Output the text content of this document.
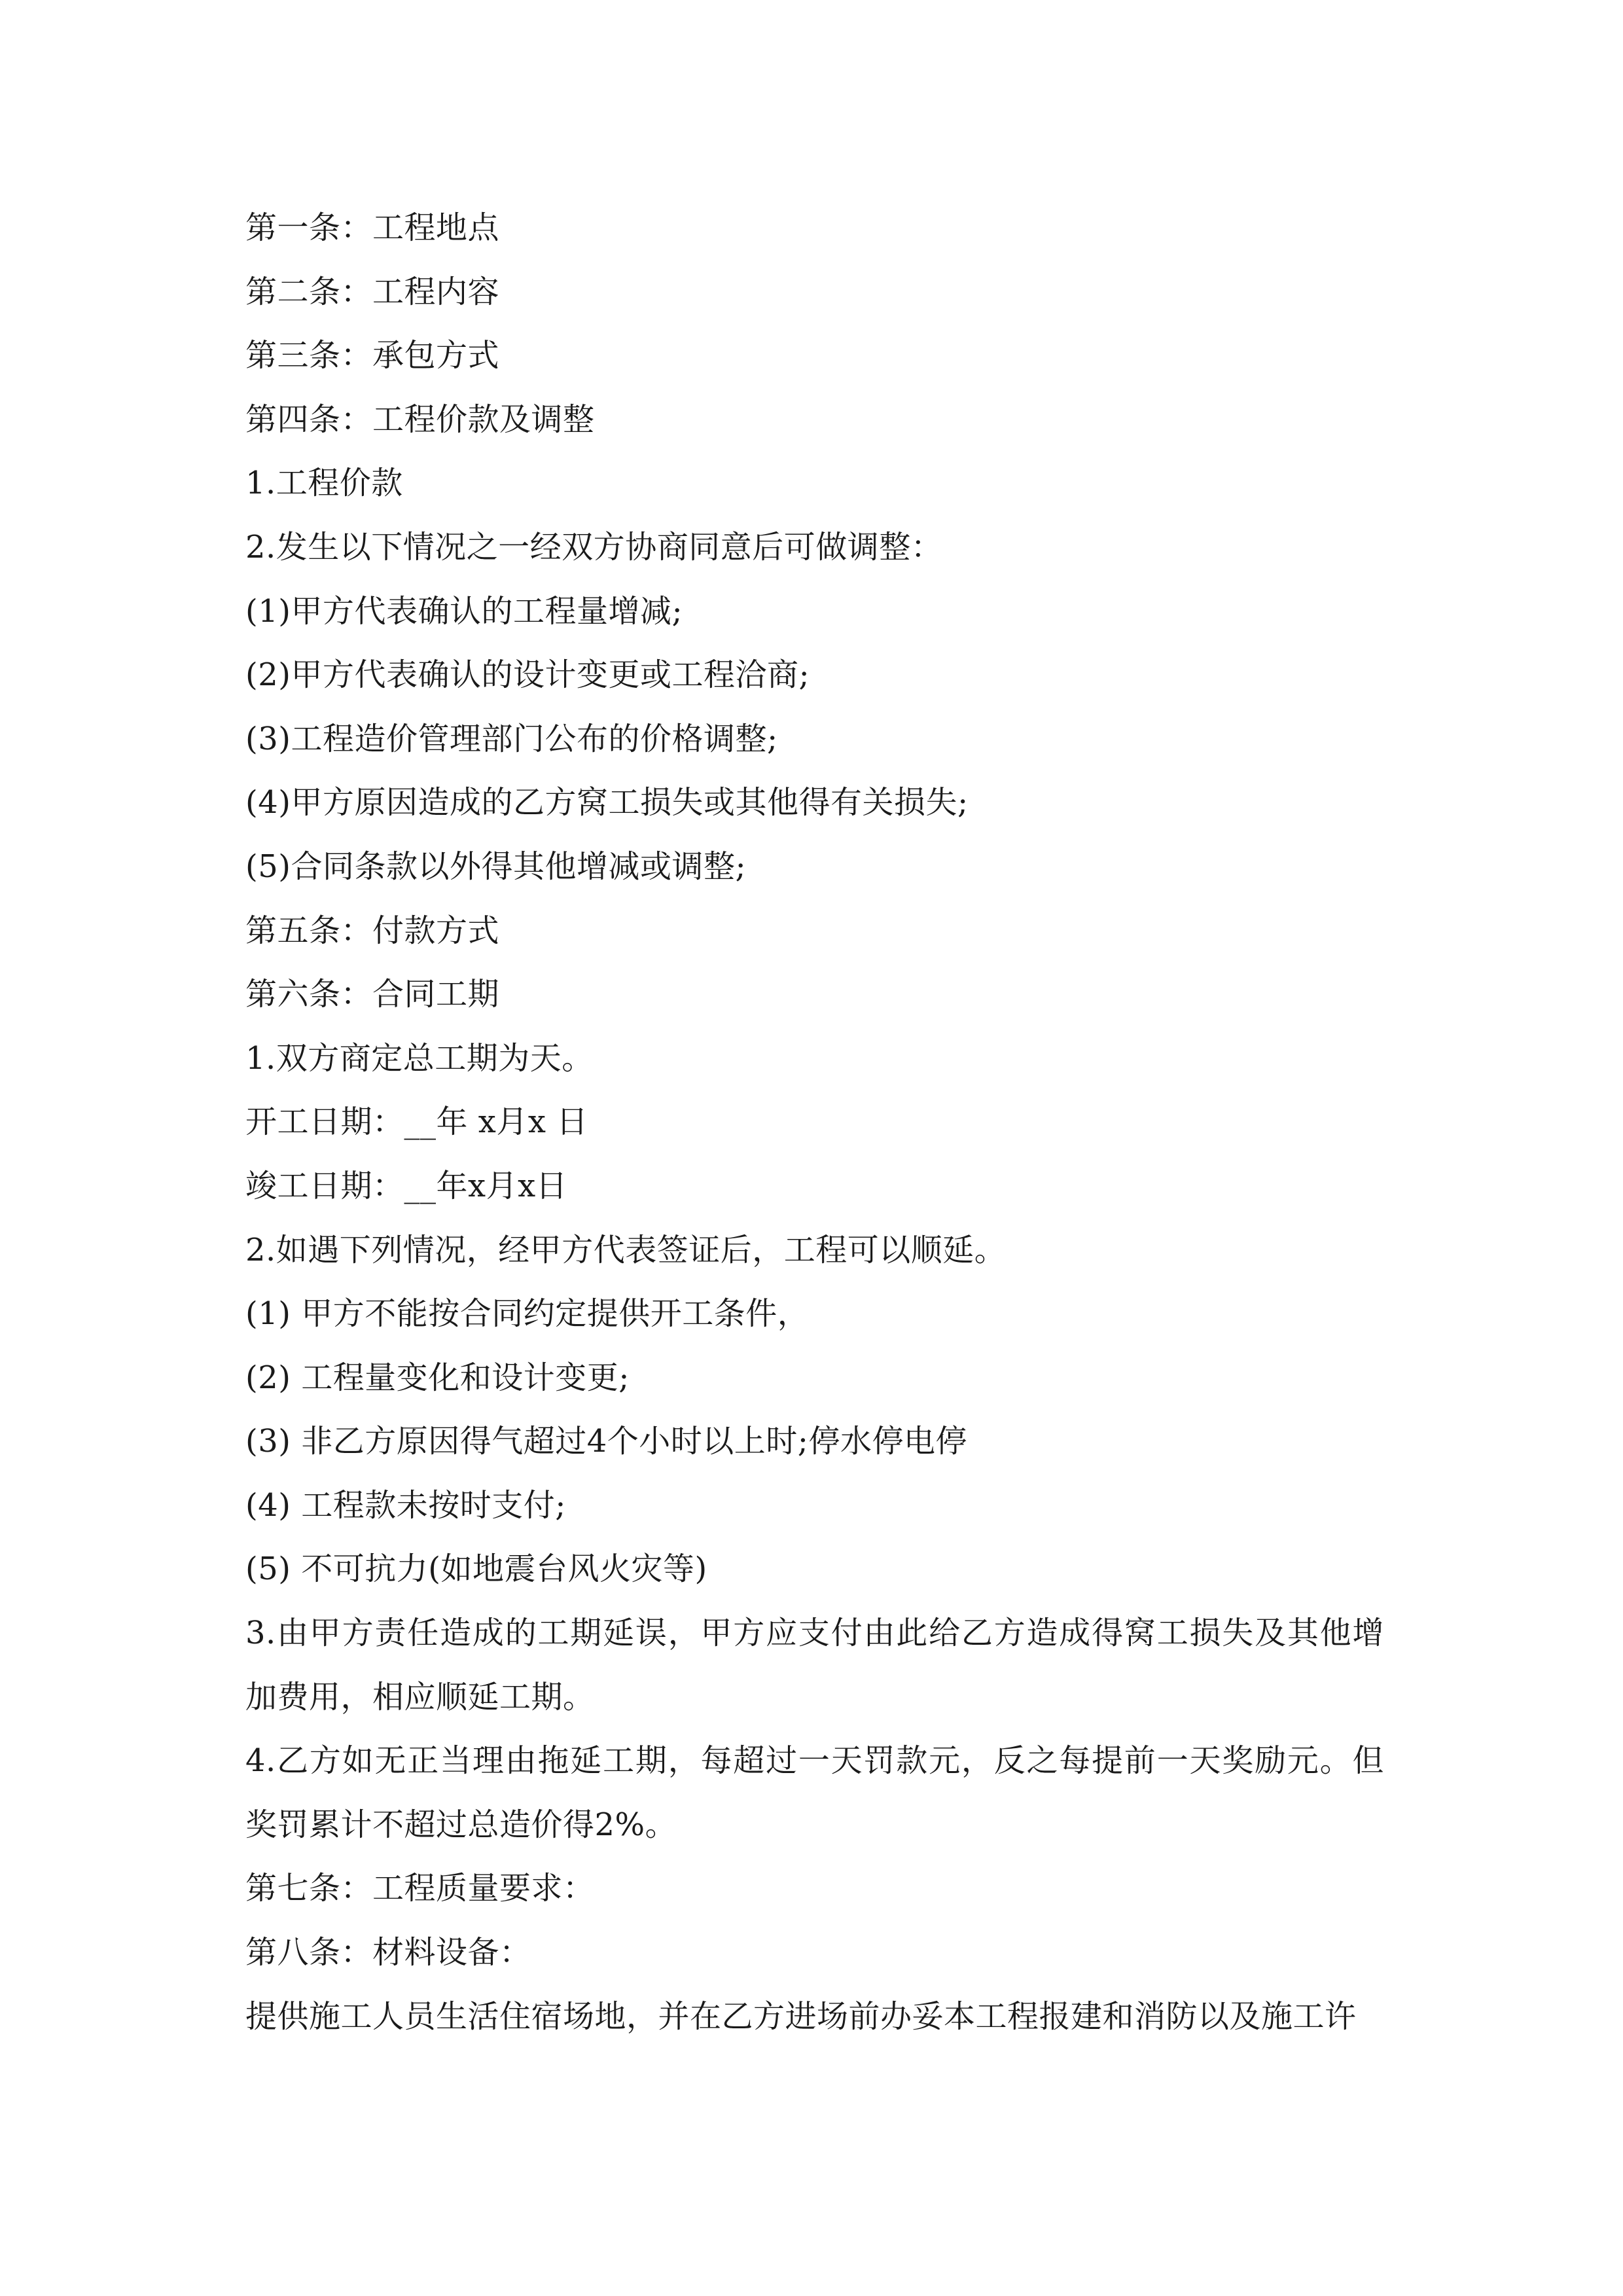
第一条：工程地点
第二条：工程内容
第三条：承包方式
第四条：工程价款及调整
1.工程价款
2.发生以下情况之一经双方协商同意后可做调整：
(1)甲方代表确认的工程量增减;
(2)甲方代表确认的设计变更或工程洽商;
(3)工程造价管理部门公布的价格调整;
(4)甲方原因造成的乙方窝工损失或其他得有关损失;
(5)合同条款以外得其他增减或调整;
第五条：付款方式
第六条：合同工期
1.双方商定总工期为天。
开工日期：__年 x月x 日
竣工日期：__年x月x日
2.如遇下列情况，经甲方代表签证后，工程可以顺延。
(1) 甲方不能按合同约定提供开工条件，
(2) 工程量变化和设计变更;
(3) 非乙方原因得气超过4个小时以上时;停水停电停
(4) 工程款未按时支付;
(5) 不可抗力(如地震台风火灾等)
3.由甲方责任造成的工期延误，甲方应支付由此给乙方造成得窝工损失及其他增加费用，相应顺延工期。
4.乙方如无正当理由拖延工期，每超过一天罚款元，反之每提前一天奖励元。但奖罚累计不超过总造价得2%。
第七条：工程质量要求：
第八条：材料设备：
提供施工人员生活住宿场地，并在乙方进场前办妥本工程报建和消防以及施工许
